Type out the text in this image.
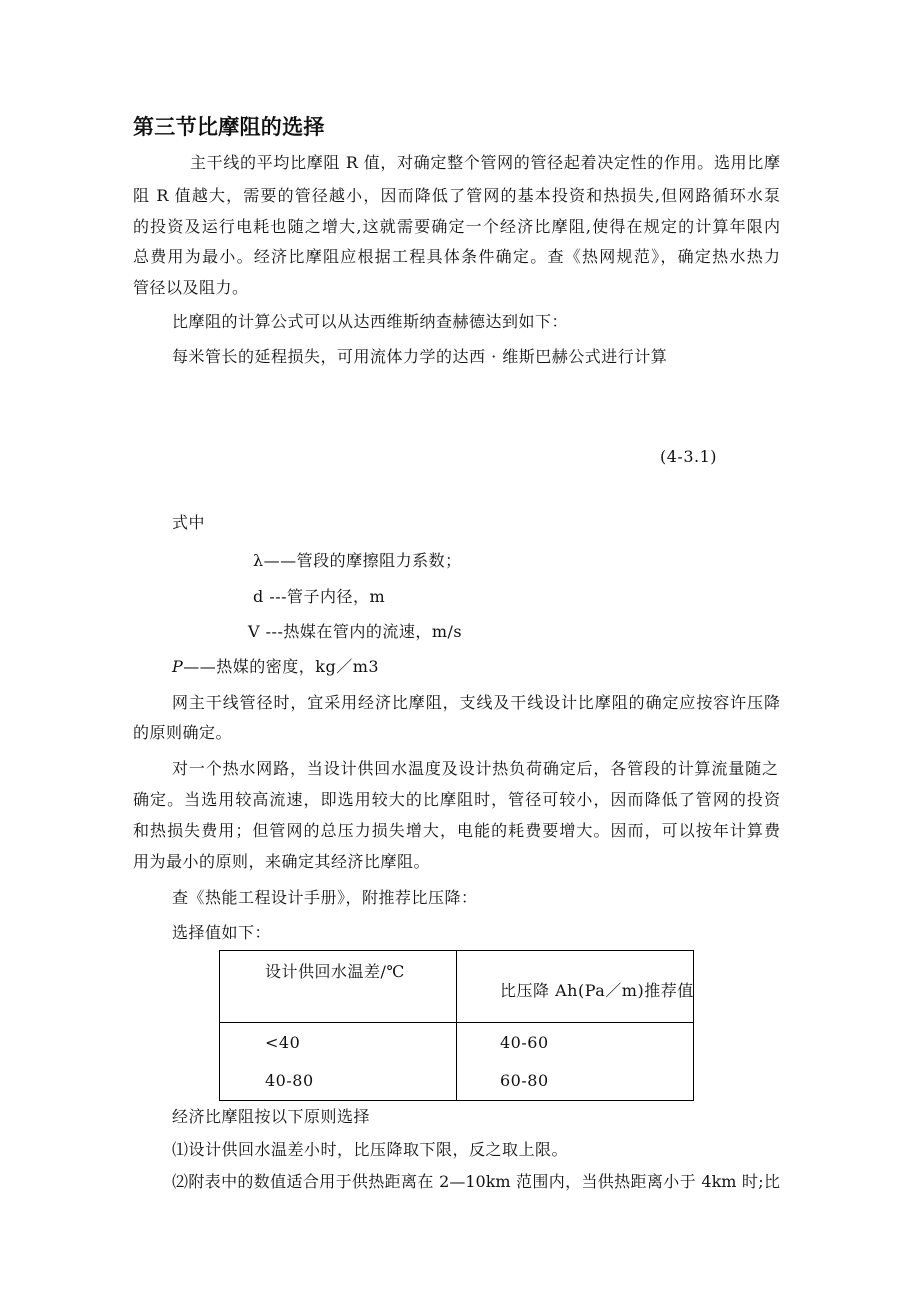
第三节比摩阻的选择
主干线的平均比摩阻 R 值，对确定整个管网的管径起着决定性的作用。选用比摩
阻 R 值越大，需要的管径越小，因而降低了管网的基本投资和热损失,但网路循环水泵
的投资及运行电耗也随之增大,这就需要确定一个经济比摩阻,使得在规定的计算年限内
总费用为最小。经济比摩阻应根据工程具体条件确定。查《热网规范》，确定热水热力
管径以及阻力。
比摩阻的计算公式可以从达西维斯纳查赫德达到如下：
每米管长的延程损失，可用流体力学的达西 · 维斯巴赫公式进行计算
(4-3.1)
式中
λ——管段的摩擦阻力系数；
d ---管子内径，m
V ---热媒在管内的流速，m/s
P——热媒的密度，kg／m3
网主干线管径时，宜采用经济比摩阻，支线及干线设计比摩阻的确定应按容许压降
的原则确定。
对一个热水网路，当设计供回水温度及设计热负荷确定后，各管段的计算流量随之
确定。当选用较高流速，即选用较大的比摩阻时，管径可较小，因而降低了管网的投资
和热损失费用；但管网的总压力损失增大，电能的耗费要增大。因而，可以按年计算费
用为最小的原则，来确定其经济比摩阻。
查《热能工程设计手册》，附推荐比压降：
选择值如下：
设计供回水温差/℃
比压降 Ah(Pa／m)推荐值
<40	40-60
40-80	60-80
经济比摩阻按以下原则选择
⑴设计供回水温差小时，比压降取下限，反之取上限。
⑵附表中的数值适合用于供热距离在 2—10km 范围内，当供热距离小于 4km 时;比
